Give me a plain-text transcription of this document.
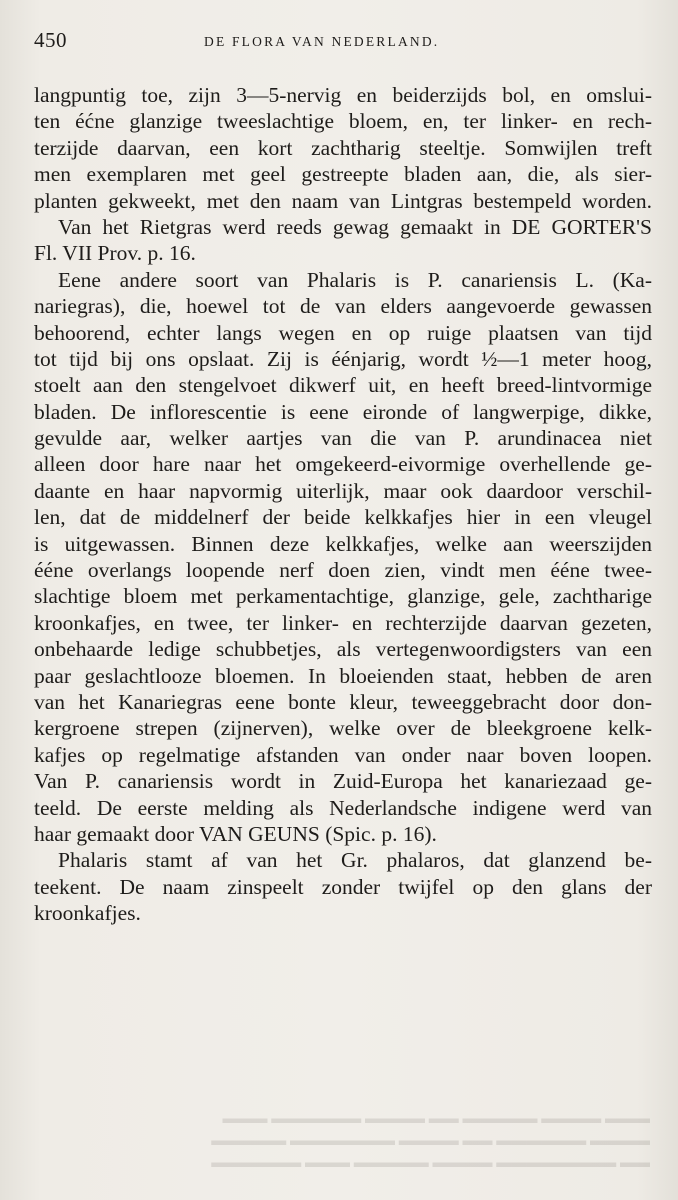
450	DE FLORA VAN NEDERLAND.
langpuntig toe, zijn 3—5-nervig en beiderzijds bol, en omslui-
ten éćne glanzige tweeslachtige bloem, en, ter linker- en rech-
terzijde daarvan, een kort zachtharig steeltje. Somwijlen treft
men exemplaren met geel gestreepte bladen aan, die, als sier-
planten gekweekt, met den naam van Lintgras bestempeld worden.
Van het Rietgras werd reeds gewag gemaakt in DE GORTER'S
Fl. VII Prov. p. 16.
Eene andere soort van Phalaris is P. canariensis L. (Ka-
nariegras), die, hoewel tot de van elders aangevoerde gewassen
behoorend, echter langs wegen en op ruige plaatsen van tijd
tot tijd bij ons opslaat. Zij is éénjarig, wordt ½—1 meter hoog,
stoelt aan den stengelvoet dikwerf uit, en heeft breed-lintvormige
bladen. De inflorescentie is eene eironde of langwerpige, dikke,
gevulde aar, welker aartjes van die van P. arundinacea niet
alleen door hare naar het omgekeerd-eivormige overhellende ge-
daante en haar napvormig uiterlijk, maar ook daardoor verschil-
len, dat de middelnerf der beide kelkkafjes hier in een vleugel
is uitgewassen. Binnen deze kelkkafjes, welke aan weerszijden
ééne overlangs loopende nerf doen zien, vindt men ééne twee-
slachtige bloem met perkamentachtige, glanzige, gele, zachtharige
kroonkafjes, en twee, ter linker- en rechterzijde daarvan gezeten,
onbehaarde ledige schubbetjes, als vertegenwoordigsters van een
paar geslachtlooze bloemen. In bloeienden staat, hebben de aren
van het Kanariegras eene bonte kleur, teweeggebracht door don-
kergroene strepen (zijnerven), welke over de bleekgroene kelk-
kafjes op regelmatige afstanden van onder naar boven loopen.
Van P. canariensis wordt in Zuid-Europa het kanariezaad ge-
teeld. De eerste melding als Nederlandsche indigene werd van
haar gemaakt door VAN GEUNS (Spic. p. 16).
Phalaris stamt af van het Gr. phalaros, dat glanzend be-
teekent. De naam zinspeelt zonder twijfel op den glans der
kroonkafjes.
▬▬▬ ▬▬▬▬ ▬▬▬▬▬ ▬▬ ▬▬▬▬ ▬▬▬▬▬▬ ▬▬▬
▬▬▬▬ ▬▬▬▬▬▬ ▬▬ ▬▬▬▬ ▬▬▬▬▬▬▬ ▬▬▬▬▬
▬▬ ▬▬▬▬▬▬▬▬ ▬▬▬▬ ▬▬▬▬▬ ▬▬▬ ▬▬▬▬▬▬
